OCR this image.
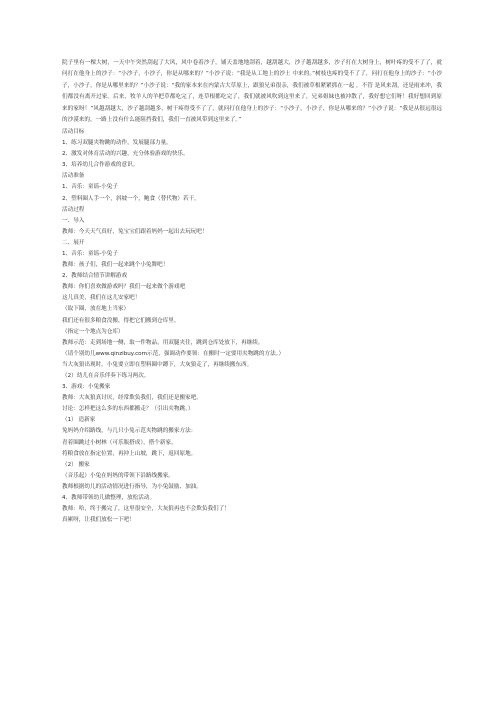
院子里有一棵大树，一天中午突然刮起了大风，风中卷着沙子，铺天盖地地刮着，越刮越大，沙子越刮越多，沙子打在大树身上，树叶疼的受不了了，就问打在他身上的沙子：“小沙子，小沙子，你是从哪来的？”小沙子说：“我是从工地上的沙土 中来的。”树枝也疼的受不了了，问打在他身上的沙子：“小沙子，小沙子，你是从哪里来的？”小沙子说：“我的家本来在内蒙古大草原上，跟狼兄弟很亲，我们被草根紧紧抓在一起 ，不管 是风来刮，还是雨来冲，我们都没有离开过家。后来，牧羊人的羊把草都吃完了，连草根都吃完了，我们就被风吹到这里来了，兄弟姐妹也被冲散了，我好想它们呀！我好想回到原来的家呀！”风越刮越大，沙子越刮越多，树干疼得受不了了，就问打在他身上的沙子：“小沙子，小沙子，你是从哪来的？”小沙子说：“我是从很远很远的沙漠来的，一路上没有什么能阻挡我们，我们一直被风带到这里来了。”

活动目标

1、练习双腿夹物跳的动作，发展腿部力量。

2、激发对体育活动的兴趣，充分体验游戏的快乐。

3、培养幼儿合作游戏的意识。

活动准备

1、音乐：童谣-小兔子

2、塑料圈人手一个，斜坡一个，鲍食（替代物）若干。

活动过程

一、导入

教师：今天天气真好，兔宝宝们跟着妈妈一起出去玩玩吧！

二、展开

1、音乐：童谣-小兔子

教师：孩子们，我们一起来跳个小兔舞吧！

2、教师结合情节讲解游戏

教师：你们喜欢做游戏吗？我们一起来做个游戏吧

这儿真美，我们在这儿安家吧！

（取下圈，放在地上当家）

我们还有很多粮食没搬，得把它们搬到仓库里。

（指定一个地点为仓库）

教师示范：走到场地一侧，取一件物品，用双腿夹住，跳到仓库处放下，再继续。

（请个别幼儿www.qinzibuy.com示范，强调动作要领：在搬时一定要用夹物跳的方法。）

当大灰狼出现时，小兔要立即在塑料圈中蹲下，大灰狼走了，再继续搬东西。

（2）幼儿在音乐伴奏下练习两次。

3、游戏：小兔搬家

教师：大灰狼真讨厌，经常欺负我们，我们还是搬家吧。

讨论：怎样把这么多的东西都搬走？（引出夹物跳。）

（1） 造新家

兔妈妈介绍路线，与几只小兔示范夹物跳的搬家方法：

青着圈跳过小树林（可乐瓶搭成），搭个新家。

将粮食放在指定位置，再沖上山坡，跳下，返回原地。

（2） 搬家

（音乐起）小兔在妈妈的带领下沿路线搬家。

教师根据幼儿的活动情况进行指导，为小兔鼓励、加油。

4、教师带领幼儿做整理，放松活动。

教师：哈，终于搬完了，这里很安全，大灰狼再也不会欺负我们了！

真累呀，让我们放松一下吧！
